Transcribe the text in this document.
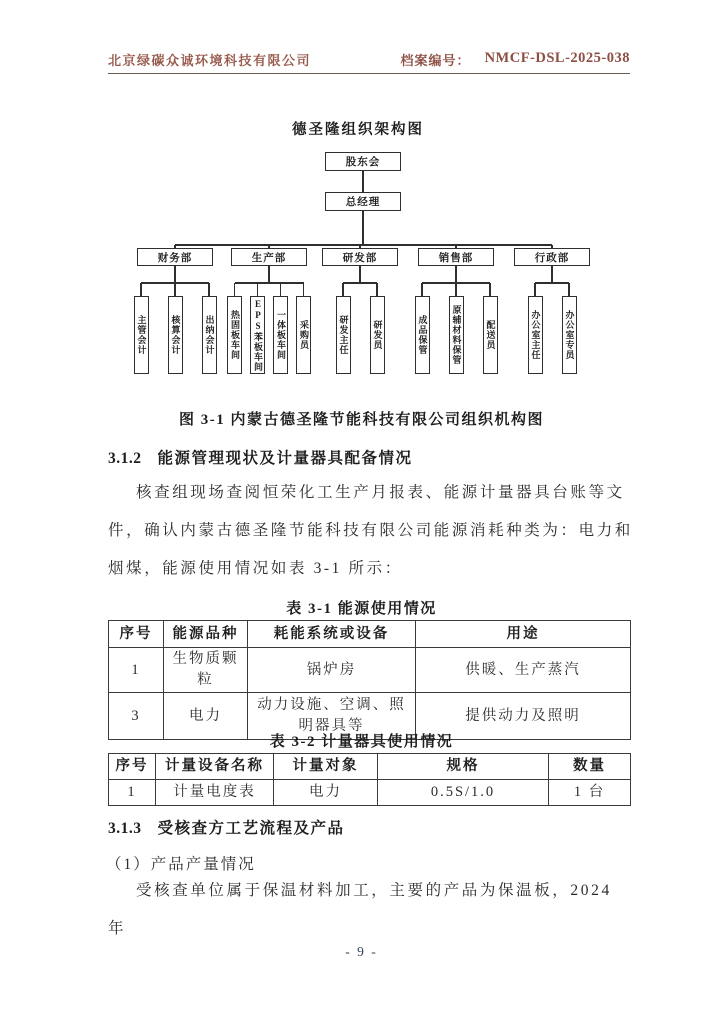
北京绿碳众诚环境科技有限公司	档案编号： NMCF-DSL-2025-038
德圣隆组织架构图
股东会
总经理
财务部
主管会计	核算会计	出纳会计
生产部
热固板车间 EPS苯板车间 一体板车间 采购员
研发部
研发主任	研发员
销售部
成品保管	原辅材料保管	配送员
行政部
办公室主任	办公室专员
图 3-1 内蒙古德圣隆节能科技有限公司组织机构图
3.1.2 能源管理现状及计量器具配备情况
核查组现场查阅恒荣化工生产月报表、能源计量器具台账等文
件，确认内蒙古德圣隆节能科技有限公司能源消耗种类为：电力和
烟煤，能源使用情况如表 3-1 所示：
表 3-1 能源使用情况
序号	能源品种	耗能系统或设备	用途
1	生物质颗粒	锅炉房	供暖、生产蒸汽
3	电力	动力设施、空调、照明器具等	提供动力及照明
表 3-2 计量器具使用情况
序号	计量设备名称	计量对象	规格	数量
1	计量电度表	电力	0.5S/1.0	1 台
3.1.3 受核查方工艺流程及产品
（1）产品产量情况
受核查单位属于保温材料加工，主要的产品为保温板，2024 年
- 9 -
